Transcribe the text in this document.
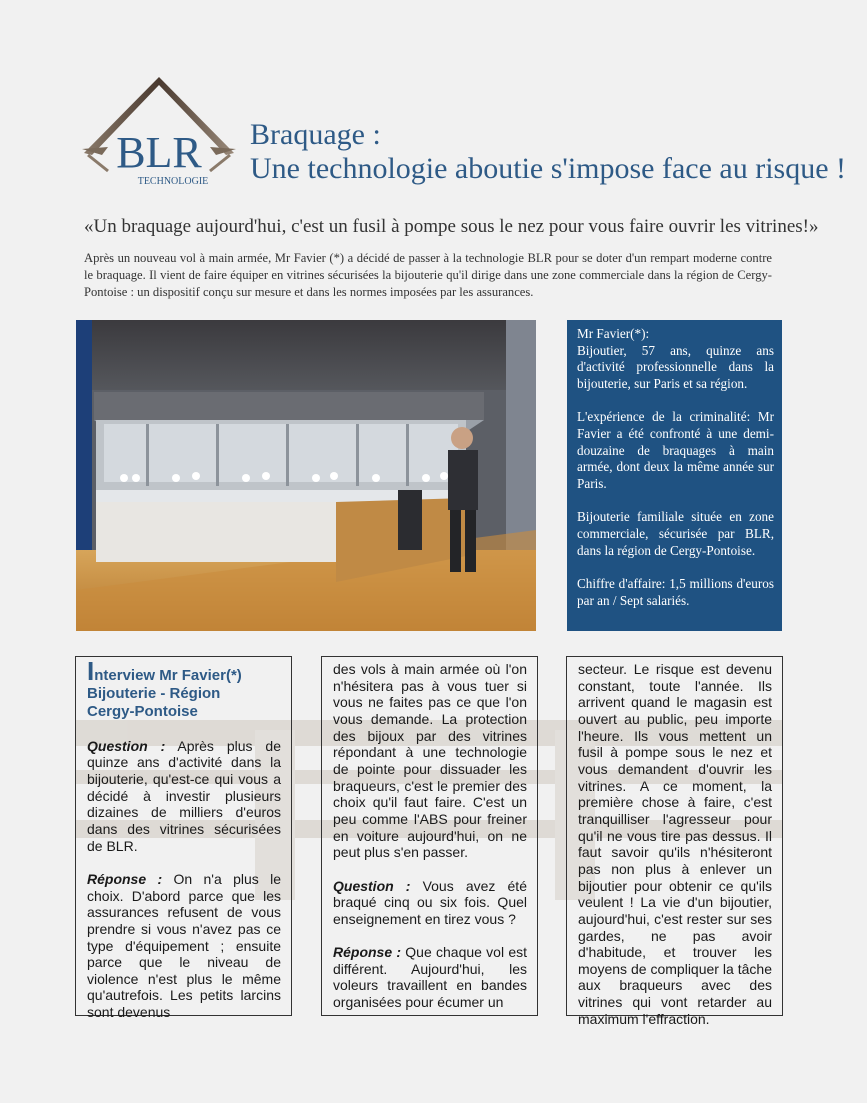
BLR
TECHNOLOGIE
Braquage :
Une technologie aboutie s'impose face au risque !
«Un braquage aujourd'hui, c'est un fusil à pompe sous le nez pour vous faire ouvrir les vitrines!»
Après un nouveau vol à main armée, Mr Favier (*) a décidé de passer à la technologie BLR pour se doter d'un rempart moderne contre le braquage. Il vient de faire équiper en vitrines sécurisées la bijouterie qu'il dirige dans une zone commerciale dans la région de Cergy-Pontoise : un dispositif conçu sur mesure et dans les normes imposées par les assurances.
Mr Favier(*):

Bijoutier, 57 ans, quinze ans d'activité professionnelle dans la bijouterie, sur Paris et sa région.

L'expérience de la criminalité: Mr Favier a été confronté à une demi-douzaine de braquages à main armée, dont deux la même année sur Paris.

Bijouterie familiale située en zone commerciale, sécurisée par BLR, dans la région de Cergy-Pontoise.

Chiffre d'affaire: 1,5 millions d'euros par an / Sept salariés.

Interview Mr Favier(*)
Bijouterie - Région
Cergy-Pontoise

Question : Après plus de quinze ans d'activité dans la bijouterie, qu'est-ce qui vous a décidé à investir plusieurs dizaines de milliers d'euros dans des vitrines sécurisées de BLR.

Réponse : On n'a plus le choix. D'abord parce que les assurances refusent de vous prendre si vous n'avez pas ce type d'équipement ; ensuite parce que le niveau de violence n'est plus le même qu'autrefois. Les petits larcins sont devenus

des vols à main armée où l'on n'hésitera pas à vous tuer si vous ne faites pas ce que l'on vous demande. La protection des bijoux par des vitrines répondant à une technologie de pointe pour dissuader les braqueurs, c'est le premier des choix qu'il faut faire. C'est un peu comme l'ABS pour freiner en voiture aujourd'hui, on ne peut plus s'en passer.

Question : Vous avez été braqué cinq ou six fois. Quel enseignement en tirez vous ?

Réponse : Que chaque vol est différent. Aujourd'hui, les voleurs travaillent en bandes organisées pour écumer un

secteur. Le risque est devenu constant, toute l'année. Ils arrivent quand le magasin est ouvert au public, peu importe l'heure. Ils vous mettent un fusil à pompe sous le nez et vous demandent d'ouvrir les vitrines. A ce moment, la première chose à faire, c'est tranquilliser l'agresseur pour qu'il ne vous tire pas dessus. Il faut savoir qu'ils n'hésiteront pas non plus à enlever un bijoutier pour obtenir ce qu'ils veulent ! La vie d'un bijoutier, aujourd'hui, c'est rester sur ses gardes, ne pas avoir d'habitude, et trouver les moyens de compliquer la tâche aux braqueurs avec des vitrines qui vont retarder au maximum l'effraction.
